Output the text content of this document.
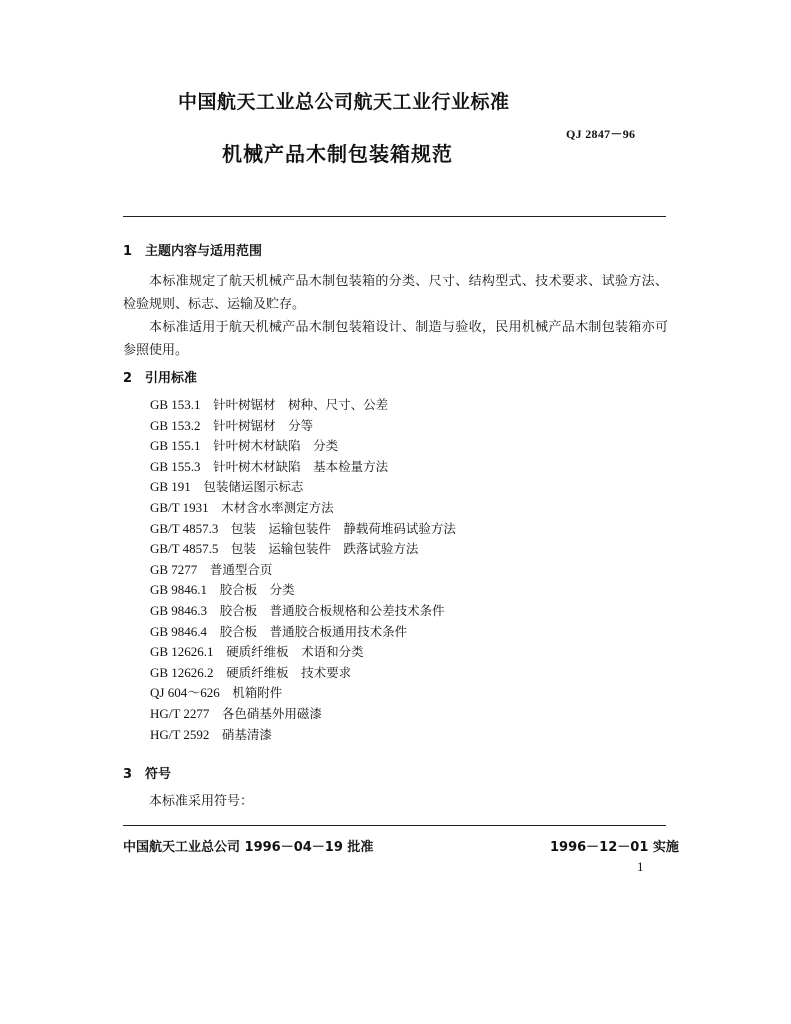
中国航天工业总公司航天工业行业标准
QJ 2847－96
机械产品木制包装箱规范
1 主题内容与适用范围

本标准规定了航天机械产品木制包装箱的分类、尺寸、结构型式、技术要求、试验方法、检验规则、标志、运输及贮存。

本标准适用于航天机械产品木制包装箱设计、制造与验收，民用机械产品木制包装箱亦可参照使用。

2 引用标准
GB 153.1　 针叶树锯材　树种、尺寸、公差
GB 153.2　 针叶树锯材　分等
GB 155.1　 针叶树木材缺陷　分类
GB 155.3　 针叶树木材缺陷　基本检量方法
GB 191　 包装储运图示标志
GB/T 1931　 木材含水率测定方法
GB/T 4857.3　 包装　运输包装件　静载荷堆码试验方法
GB/T 4857.5　 包装　运输包装件　跌落试验方法
GB 7277　 普通型合页
GB 9846.1　 胶合板　分类
GB 9846.3　 胶合板　普通胶合板规格和公差技术条件
GB 9846.4　 胶合板　普通胶合板通用技术条件
GB 12626.1　 硬质纤维板　术语和分类
GB 12626.2　 硬质纤维板　技术要求
QJ 604～626　 机箱附件
HG/T 2277　 各色硝基外用磁漆
HG/T 2592　 硝基清漆
3 符号

本标准采用符号：

中国航天工业总公司 1996－04－19 批准	1996－12－01 实施
1
